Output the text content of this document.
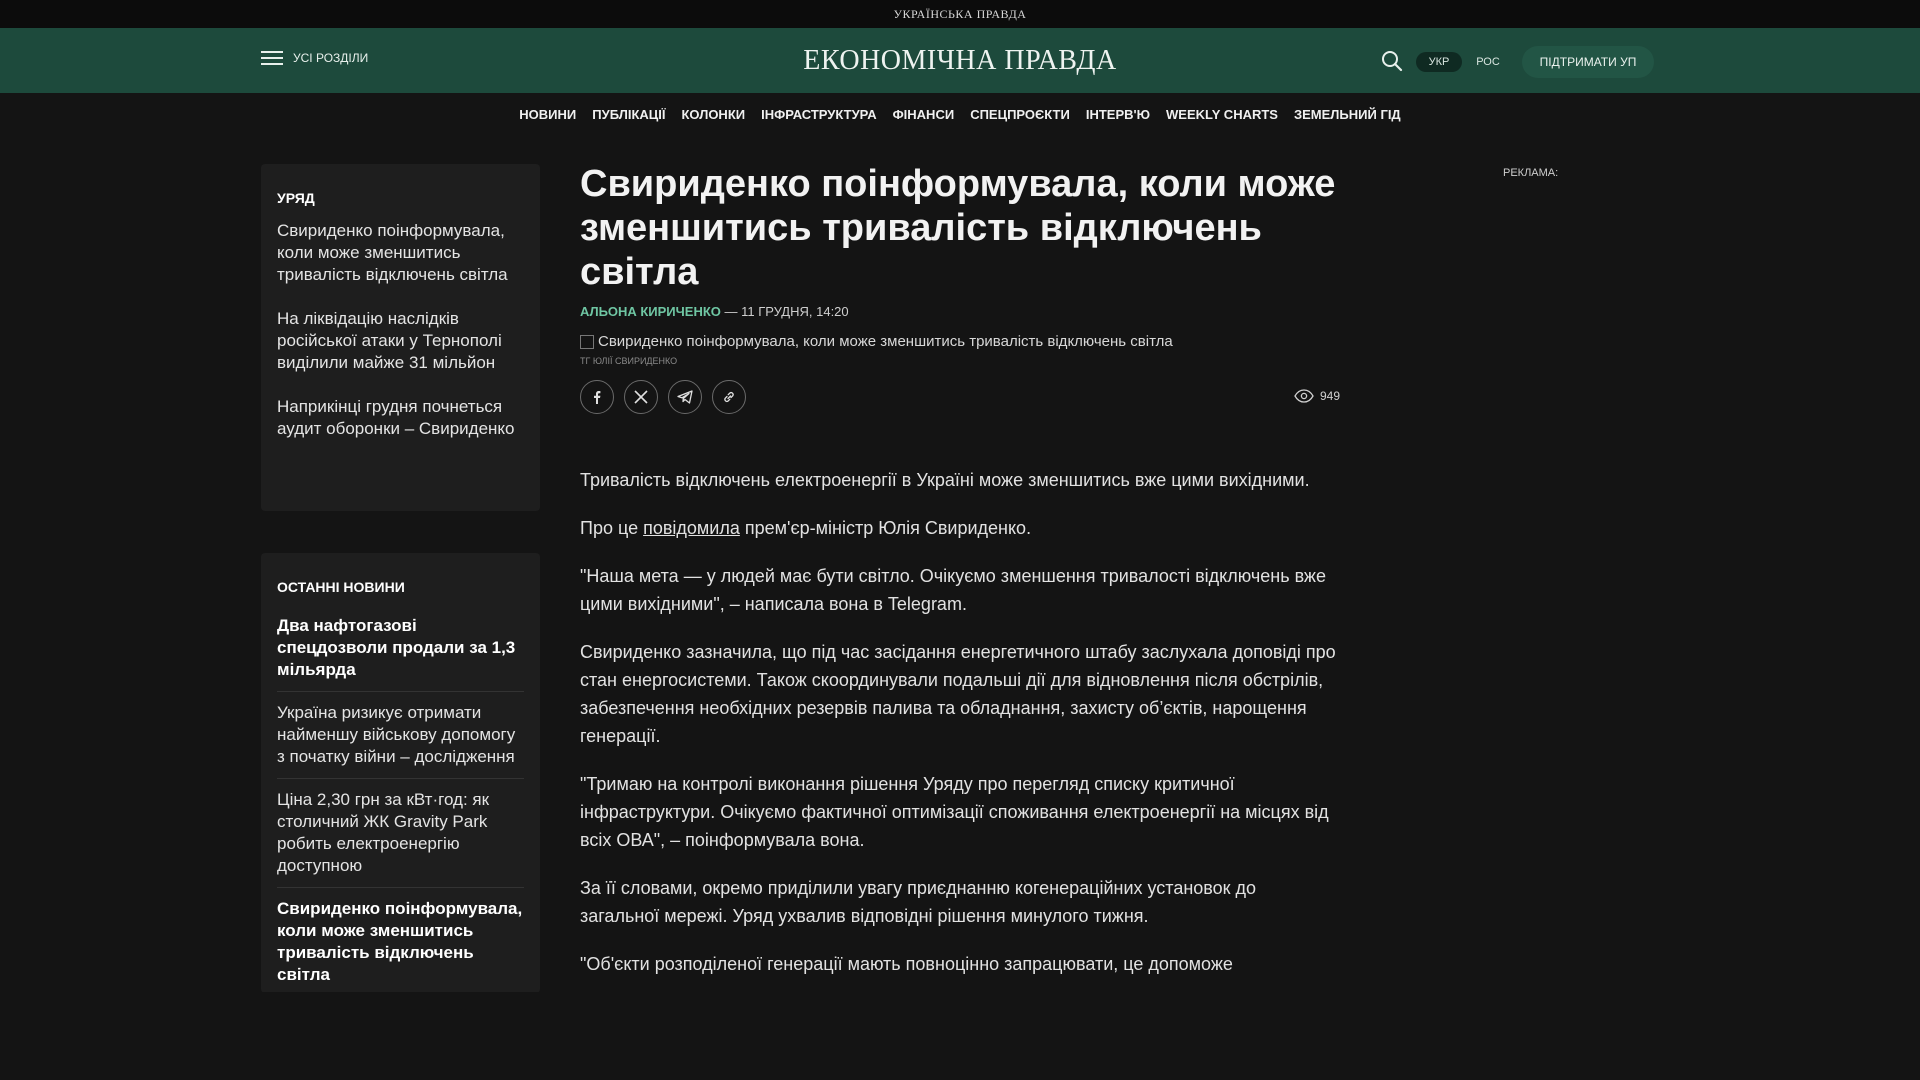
УКРАЇНСЬКА ПРАВДА
УСІ РОЗДІЛИ	ЕКОНОМІЧНА ПРАВДА	УКР	РОС	ПІДТРИМАТИ УП
НОВИНИ ПУБЛІКАЦІЇ КОЛОНКИ ІНФРАСТРУКТУРА ФІНАНСИ СПЕЦПРОЄКТИ ІНТЕРВ'Ю WEEKLY CHARTS ЗЕМЕЛЬНИЙ ГІД
УРЯД
Свириденко поінформувала, коли може зменшитись тривалість відключень світла
На ліквідацію наслідків російської атаки у Тернополі виділили майже 31 мільйон
Наприкінці грудня почнеться аудит оборонки – Свириденко
ОСТАННІ НОВИНИ
Два нафтогазові спецдозволи продали за 1,3 мільярда
Україна ризикує отримати найменшу військову допомогу з початку війни – дослідження
Ціна 2,30 грн за кВт·год: як столичний ЖК Gravity Park робить електроенергію доступною
Свириденко поінформувала, коли може зменшитись тривалість відключень світла
Свириденко поінформувала, коли може зменшитись тривалість відключень світла
АЛЬОНА КИРИЧЕНКО — 11 ГРУДНЯ, 14:20
Свириденко поінформувала, коли може зменшитись тривалість відключень світла
ТГ ЮЛІЇ СВИРИДЕНКО
949

Тривалість відключень електроенергії в Україні може зменшитись вже цими вихідними.

Про це повідомила прем'єр-міністр Юлія Свириденко.

"Наша мета — у людей має бути світло. Очікуємо зменшення тривалості відключень вже цими вихідними", – написала вона в Telegram.

Свириденко зазначила, що під час засідання енергетичного штабу заслухала доповіді про стан енергосистеми. Також скоординували подальші дії для відновлення після обстрілів, забезпечення необхідних резервів палива та обладнання, захисту об’єктів, нарощення генерації.

"Тримаю на контролі виконання рішення Уряду про перегляд списку критичної інфраструктури. Очікуємо фактичної оптимізації споживання електроенергії на місцях від всіх ОВА", – поінформувала вона.

За її словами, окремо приділили увагу приєднанню когенераційних установок до загальної мережі. Уряд ухвалив відповідні рішення минулого тижня.

"Об'єкти розподіленої генерації мають повноцінно запрацювати, це допоможе

РЕКЛАМА:
